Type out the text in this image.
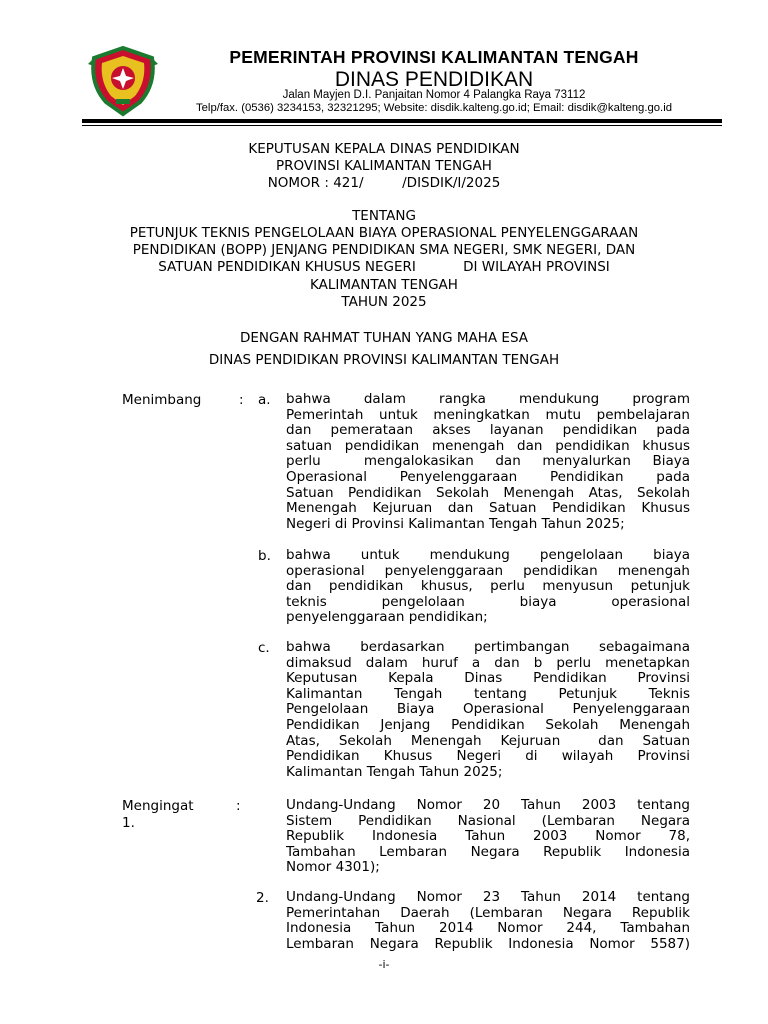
PEMERINTAH PROVINSI KALIMANTAN TENGAH
DINAS PENDIDIKAN
Jalan Mayjen D.I. Panjaitan Nomor 4 Palangka Raya 73112
Telp/fax. (0536) 3234153, 32321295; Website: disdik.kalteng.go.id; Email: disdik@kalteng.go.id
KEPUTUSAN KEPALA DINAS PENDIDIKAN
PROVINSI KALIMANTAN TENGAH
NOMOR : 421/         /DISDIK/I/2025
TENTANG
PETUNJUK TEKNIS PENGELOLAAN BIAYA OPERASIONAL PENYELENGGARAAN
PENDIDIKAN (BOPP) JENJANG PENDIDIKAN SMA NEGERI, SMK NEGERI, DAN
SATUAN PENDIDIKAN KHUSUS NEGERI           DI WILAYAH PROVINSI
KALIMANTAN TENGAH
TAHUN 2025
DENGAN RAHMAT TUHAN YANG MAHA ESA
DINAS PENDIDIKAN PROVINSI KALIMANTAN TENGAH
Menimbang	: a. bahwa dalam rangka mendukung program
Pemerintah untuk meningkatkan mutu pembelajaran
dan pemerataan akses layanan pendidikan pada
satuan pendidikan menengah dan pendidikan khusus
perlu  mengalokasikan dan menyalurkan Biaya
Operasional Penyelenggaraan Pendidikan pada
Satuan Pendidikan Sekolah Menengah Atas, Sekolah
Menengah Kejuruan dan Satuan Pendidikan Khusus
Negeri di Provinsi Kalimantan Tengah Tahun 2025;
b. bahwa untuk mendukung pengelolaan biaya
operasional penyelenggaraan pendidikan menengah
dan pendidikan khusus, perlu menyusun petunjuk
teknis pengelolaan biaya operasional
penyelenggaraan pendidikan;
c. bahwa berdasarkan pertimbangan sebagaimana
dimaksud dalam huruf a dan b perlu menetapkan
Keputusan Kepala Dinas Pendidikan Provinsi
Kalimantan Tengah tentang Petunjuk Teknis
Pengelolaan Biaya Operasional Penyelenggaraan
Pendidikan Jenjang Pendidikan Sekolah Menengah
Atas, Sekolah Menengah Kejuruan  dan Satuan
Pendidikan Khusus Negeri di wilayah Provinsi
Kalimantan Tengah Tahun 2025;
Mengingat	:
1.
Undang-Undang Nomor 20 Tahun 2003 tentang
Sistem Pendidikan Nasional (Lembaran Negara
Republik Indonesia Tahun 2003 Nomor 78,
Tambahan Lembaran Negara Republik Indonesia
Nomor 4301);
2. Undang-Undang Nomor 23 Tahun 2014 tentang
Pemerintahan Daerah (Lembaran Negara Republik
Indonesia Tahun 2014 Nomor 244, Tambahan
Lembaran Negara Republik Indonesia Nomor 5587)
-i-
